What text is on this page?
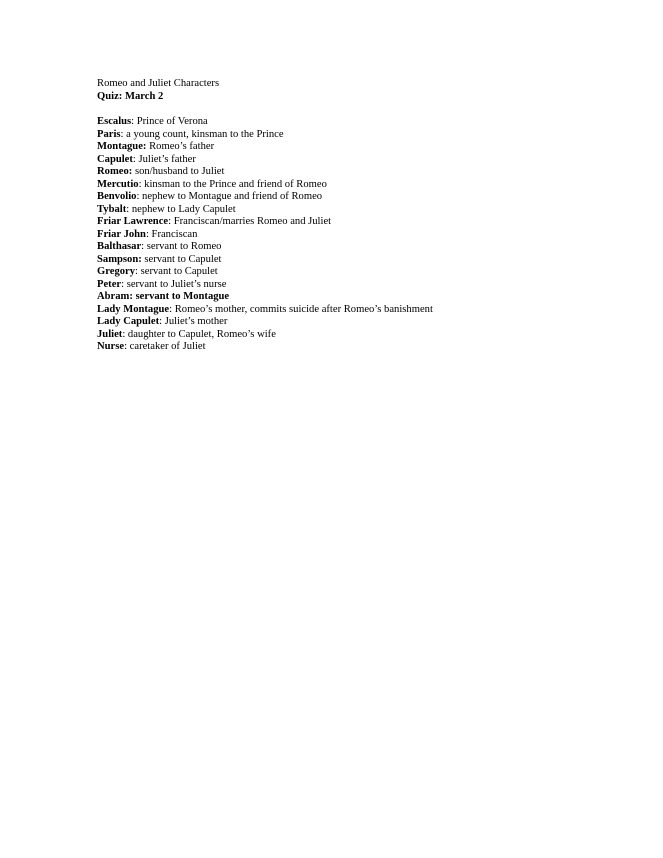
Romeo and Juliet Characters

Quiz: March 2

Escalus: Prince of Verona
Paris: a young count, kinsman to the Prince
Montague: Romeo’s father
Capulet: Juliet’s father
Romeo: son/husband to Juliet
Mercutio: kinsman to the Prince and friend of Romeo
Benvolio: nephew to Montague and friend of Romeo
Tybalt: nephew to Lady Capulet
Friar Lawrence: Franciscan/marries Romeo and Juliet
Friar John: Franciscan
Balthasar: servant to Romeo
Sampson: servant to Capulet
Gregory: servant to Capulet
Peter: servant to Juliet’s nurse
Abram: servant to Montague
Lady Montague: Romeo’s mother, commits suicide after Romeo’s banishment
Lady Capulet: Juliet’s mother
Juliet: daughter to Capulet, Romeo’s wife
Nurse: caretaker of Juliet
